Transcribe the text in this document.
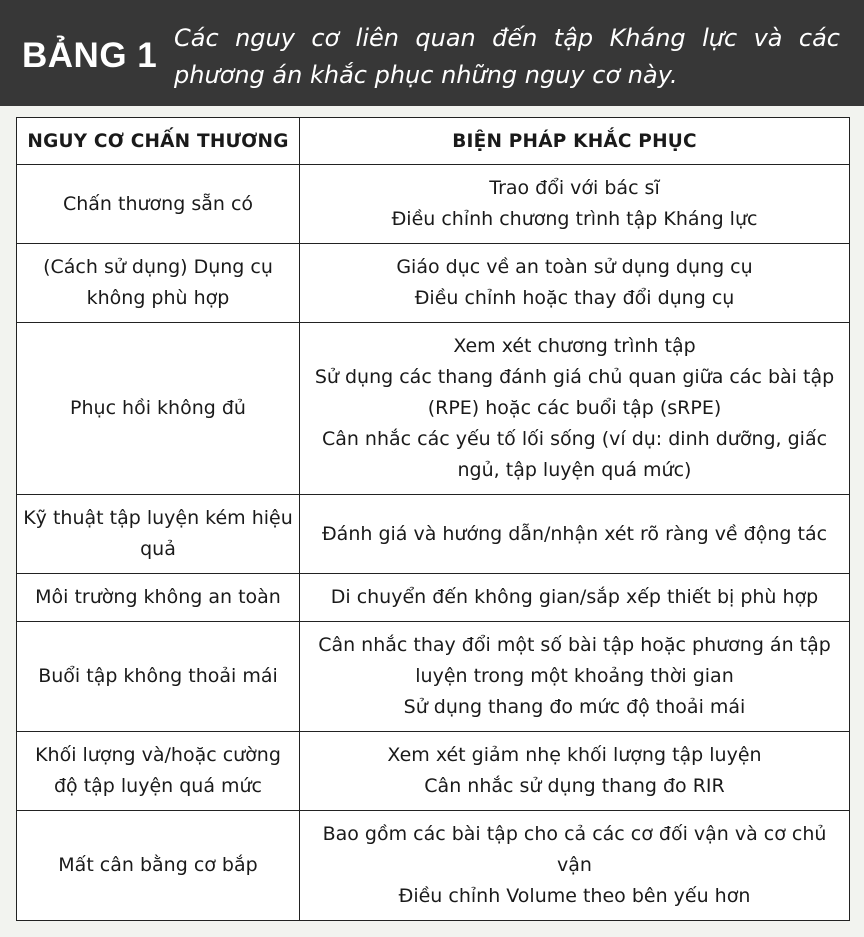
BẢNG 1 Các nguy cơ liên quan đến tập Kháng lực và các phương án khắc phục những nguy cơ này.
NGUY CƠ CHẤN THƯƠNG	BIỆN PHÁP KHẮC PHỤC
Chấn thương sẵn có	Trao đổi với bác sĩ
Điều chỉnh chương trình tập Kháng lực

(Cách sử dụng) Dụng cụ không phù hợp	Giáo dục về an toàn sử dụng dụng cụ
Điều chỉnh hoặc thay đổi dụng cụ

Phục hồi không đủ	Xem xét chương trình tập
Sử dụng các thang đánh giá chủ quan giữa các bài tập (RPE) hoặc các buổi tập (sRPE)
Cân nhắc các yếu tố lối sống (ví dụ: dinh dưỡng, giấc ngủ, tập luyện quá mức)

Kỹ thuật tập luyện kém hiệu quả	Đánh giá và hướng dẫn/nhận xét rõ ràng về động tác

Môi trường không an toàn	Di chuyển đến không gian/sắp xếp thiết bị phù hợp

Buổi tập không thoải mái	Cân nhắc thay đổi một số bài tập hoặc phương án tập luyện trong một khoảng thời gian
Sử dụng thang đo mức độ thoải mái

Khối lượng và/hoặc cường độ tập luyện quá mức	Xem xét giảm nhẹ khối lượng tập luyện
Cân nhắc sử dụng thang đo RIR

Mất cân bằng cơ bắp	Bao gồm các bài tập cho cả các cơ đối vận và cơ chủ vận
Điều chỉnh Volume theo bên yếu hơn
